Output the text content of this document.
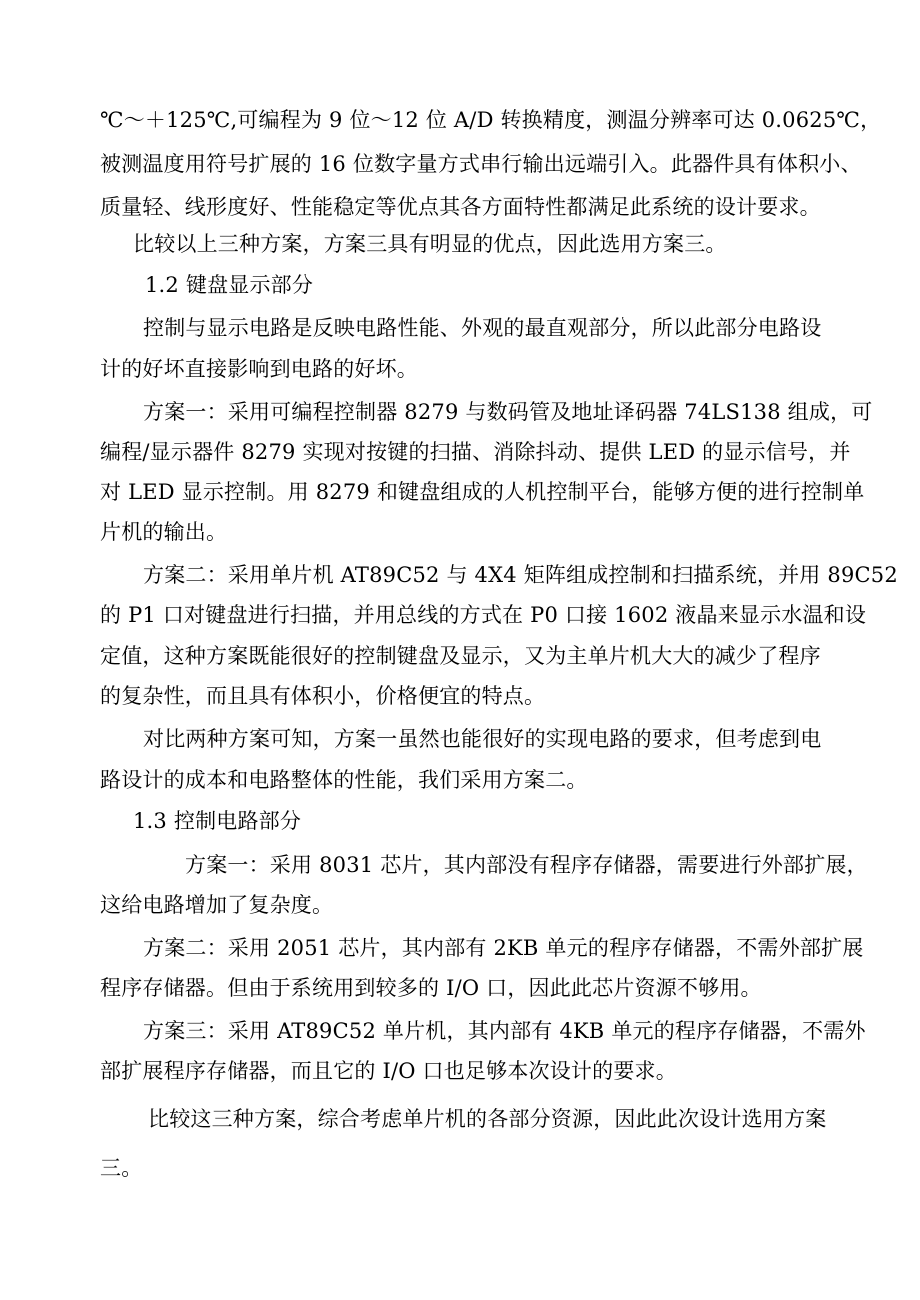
℃～＋125℃,可编程为 9 位～12 位 A/D 转换精度，测温分辨率可达 0.0625℃，
被测温度用符号扩展的 16 位数字量方式串行输出远端引入。此器件具有体积小、
质量轻、线形度好、性能稳定等优点其各方面特性都满足此系统的设计要求。
比较以上三种方案，方案三具有明显的优点，因此选用方案三。
1.2 键盘显示部分
控制与显示电路是反映电路性能、外观的最直观部分，所以此部分电路设
计的好坏直接影响到电路的好坏。
方案一：采用可编程控制器 8279 与数码管及地址译码器 74LS138 组成，可
编程/显示器件 8279 实现对按键的扫描、消除抖动、提供 LED 的显示信号，并
对 LED 显示控制。用 8279 和键盘组成的人机控制平台，能够方便的进行控制单
片机的输出。
方案二：采用单片机 AT89C52 与 4X4 矩阵组成控制和扫描系统，并用 89C52
的 P1 口对键盘进行扫描，并用总线的方式在 P0 口接 1602 液晶来显示水温和设
定值，这种方案既能很好的控制键盘及显示，又为主单片机大大的减少了程序
的复杂性，而且具有体积小，价格便宜的特点。
对比两种方案可知，方案一虽然也能很好的实现电路的要求，但考虑到电
路设计的成本和电路整体的性能，我们采用方案二。
1.3 控制电路部分
方案一：采用 8031 芯片，其内部没有程序存储器，需要进行外部扩展，
这给电路增加了复杂度。
方案二：采用 2051 芯片，其内部有 2KB 单元的程序存储器，不需外部扩展
程序存储器。但由于系统用到较多的 I/O 口，因此此芯片资源不够用。
方案三：采用 AT89C52 单片机，其内部有 4KB 单元的程序存储器，不需外
部扩展程序存储器，而且它的 I/O 口也足够本次设计的要求。
比较这三种方案，综合考虑单片机的各部分资源，因此此次设计选用方案
三。
